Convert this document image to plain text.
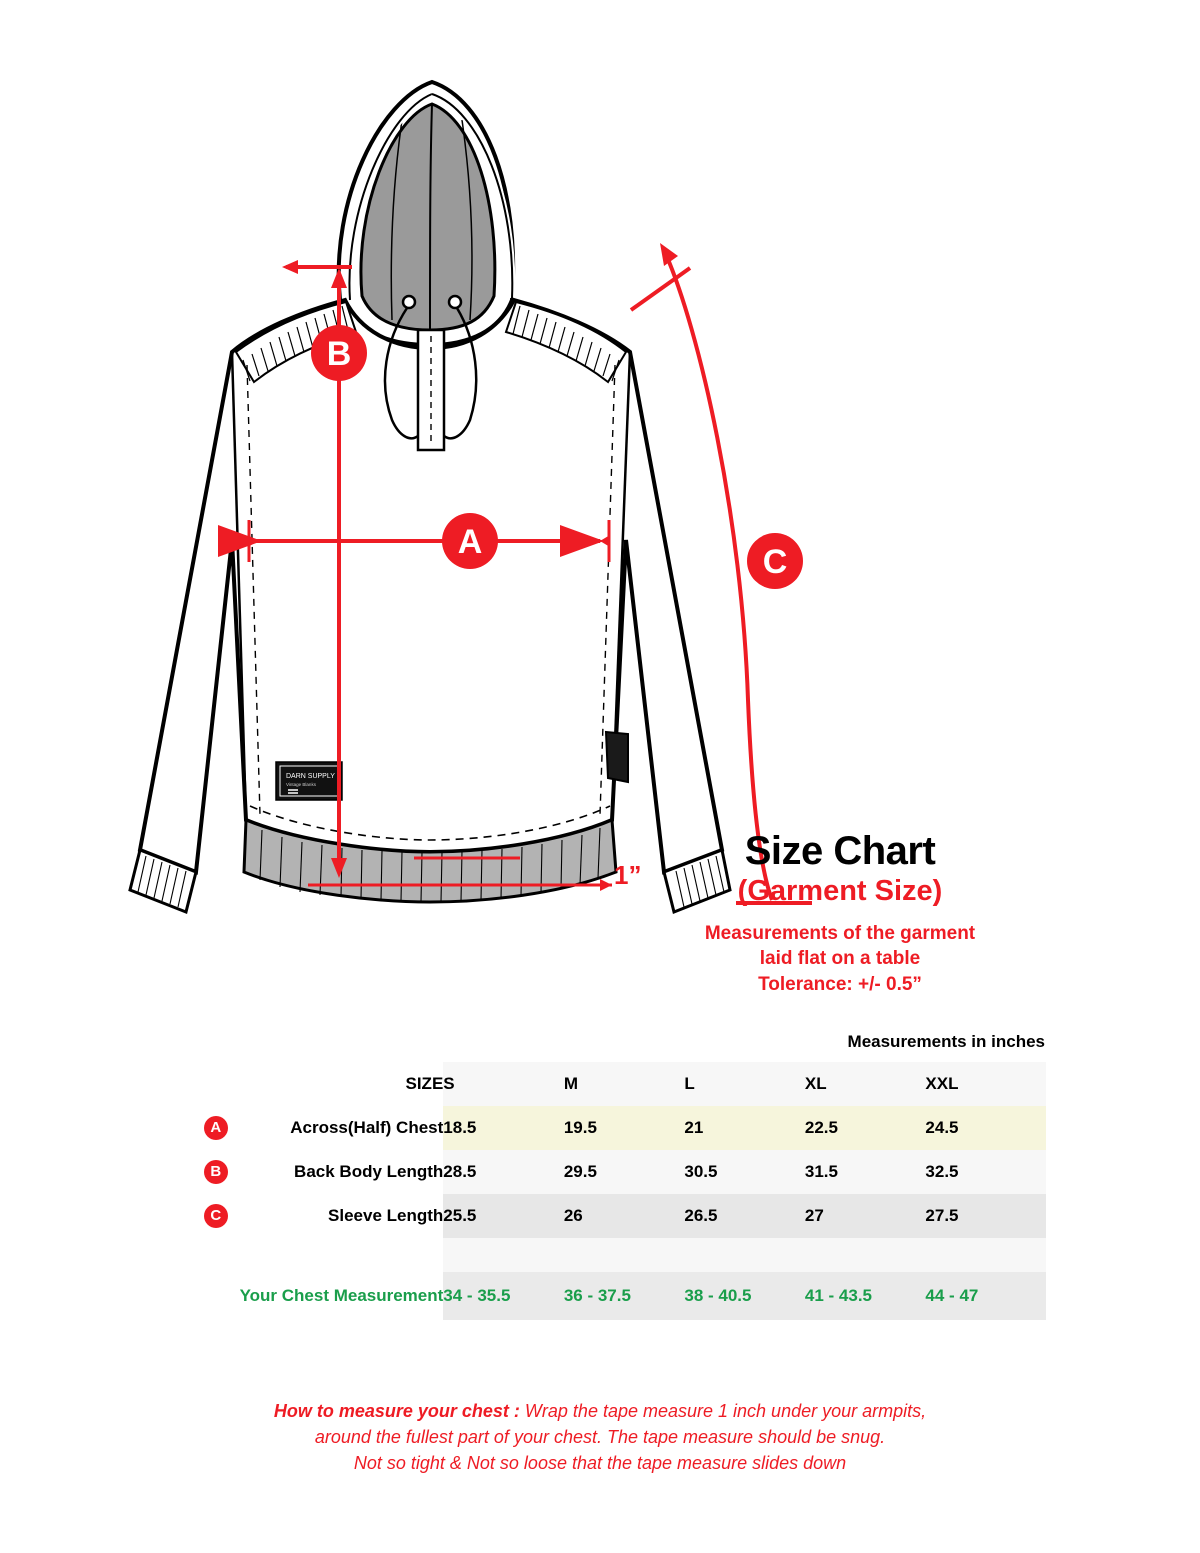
DARN SUPPLY
Vintage Blanks
A
B
C
1”
Size Chart
(Garment Size)
Measurements of the garment
laid flat on a table
Tolerance: +/- 0.5”
Measurements in inches
	SIZE	S	M	L	XL	XXL
A	Across(Half) Chest	18.5	19.5	21	22.5	24.5
B	Back Body Length	28.5	29.5	30.5	31.5	32.5
C	Sleeve Length	25.5	26	26.5	27	27.5

	Your Chest Measurement	34 - 35.5	36 - 37.5	38 - 40.5	41 - 43.5	44 - 47
How to measure your chest : Wrap the tape measure 1 inch under your armpits,
around the fullest part of your chest. The tape measure should be snug.
Not so tight & Not so loose that the tape measure slides down
